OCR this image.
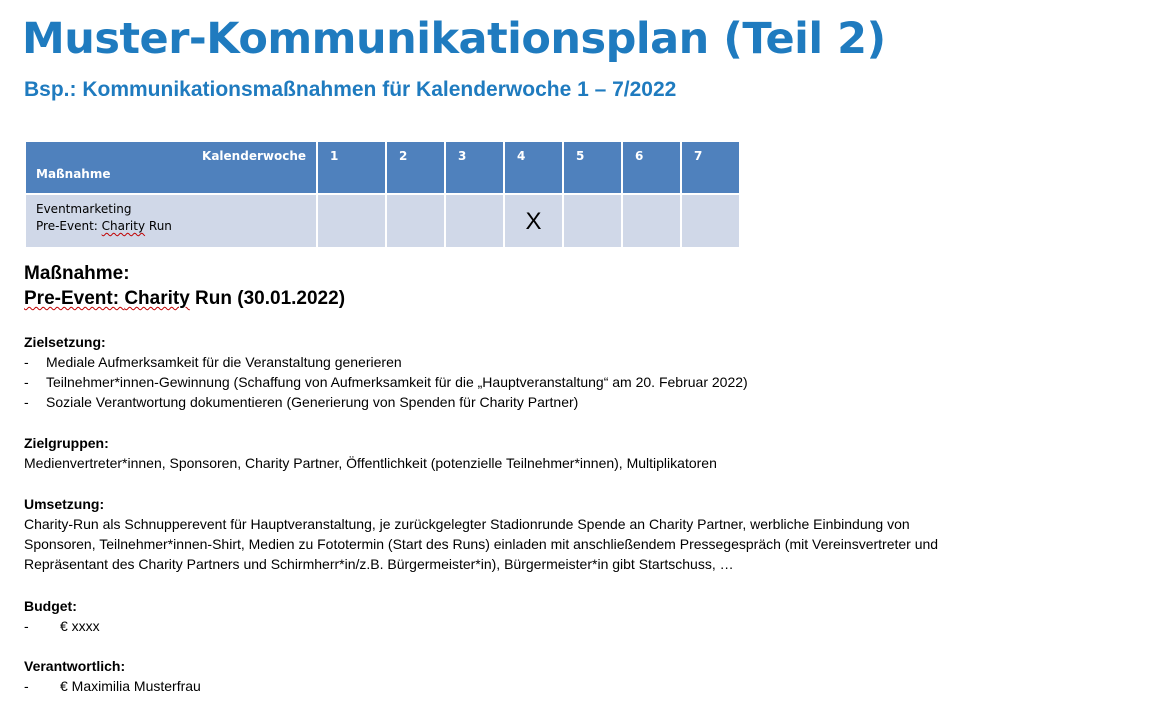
Muster-Kommunikationsplan (Teil 2)
Bsp.: Kommunikationsmaßnahmen für Kalenderwoche 1 – 7/2022
Kalenderwoche
Maßnahme	1	2	3	4	5	6	7

Eventmarketing
Pre-Event: Charity Run				X			
Maßnahme:
Pre-Event: Charity Run (30.01.2022)
Zielsetzung:
-	Mediale Aufmerksamkeit für die Veranstaltung generieren
-	Teilnehmer*innen-Gewinnung (Schaffung von Aufmerksamkeit für die „Hauptveranstaltung“ am 20. Februar 2022)
-	Soziale Verantwortung dokumentieren (Generierung von Spenden für Charity Partner)
Zielgruppen:
Medienvertreter*innen, Sponsoren, Charity Partner, Öffentlichkeit (potenzielle Teilnehmer*innen), Multiplikatoren
Umsetzung:
Charity-Run als Schnupperevent für Hauptveranstaltung, je zurückgelegter Stadionrunde Spende an Charity Partner, werbliche Einbindung von
Sponsoren, Teilnehmer*innen-Shirt, Medien zu Fototermin (Start des Runs) einladen mit anschließendem Pressegespräch (mit Vereinsvertreter und
Repräsentant des Charity Partners und Schirmherr*in/z.B. Bürgermeister*in), Bürgermeister*in gibt Startschuss, …
Budget:
-	€ xxxx
Verantwortlich:
-	€ Maximilia Musterfrau
